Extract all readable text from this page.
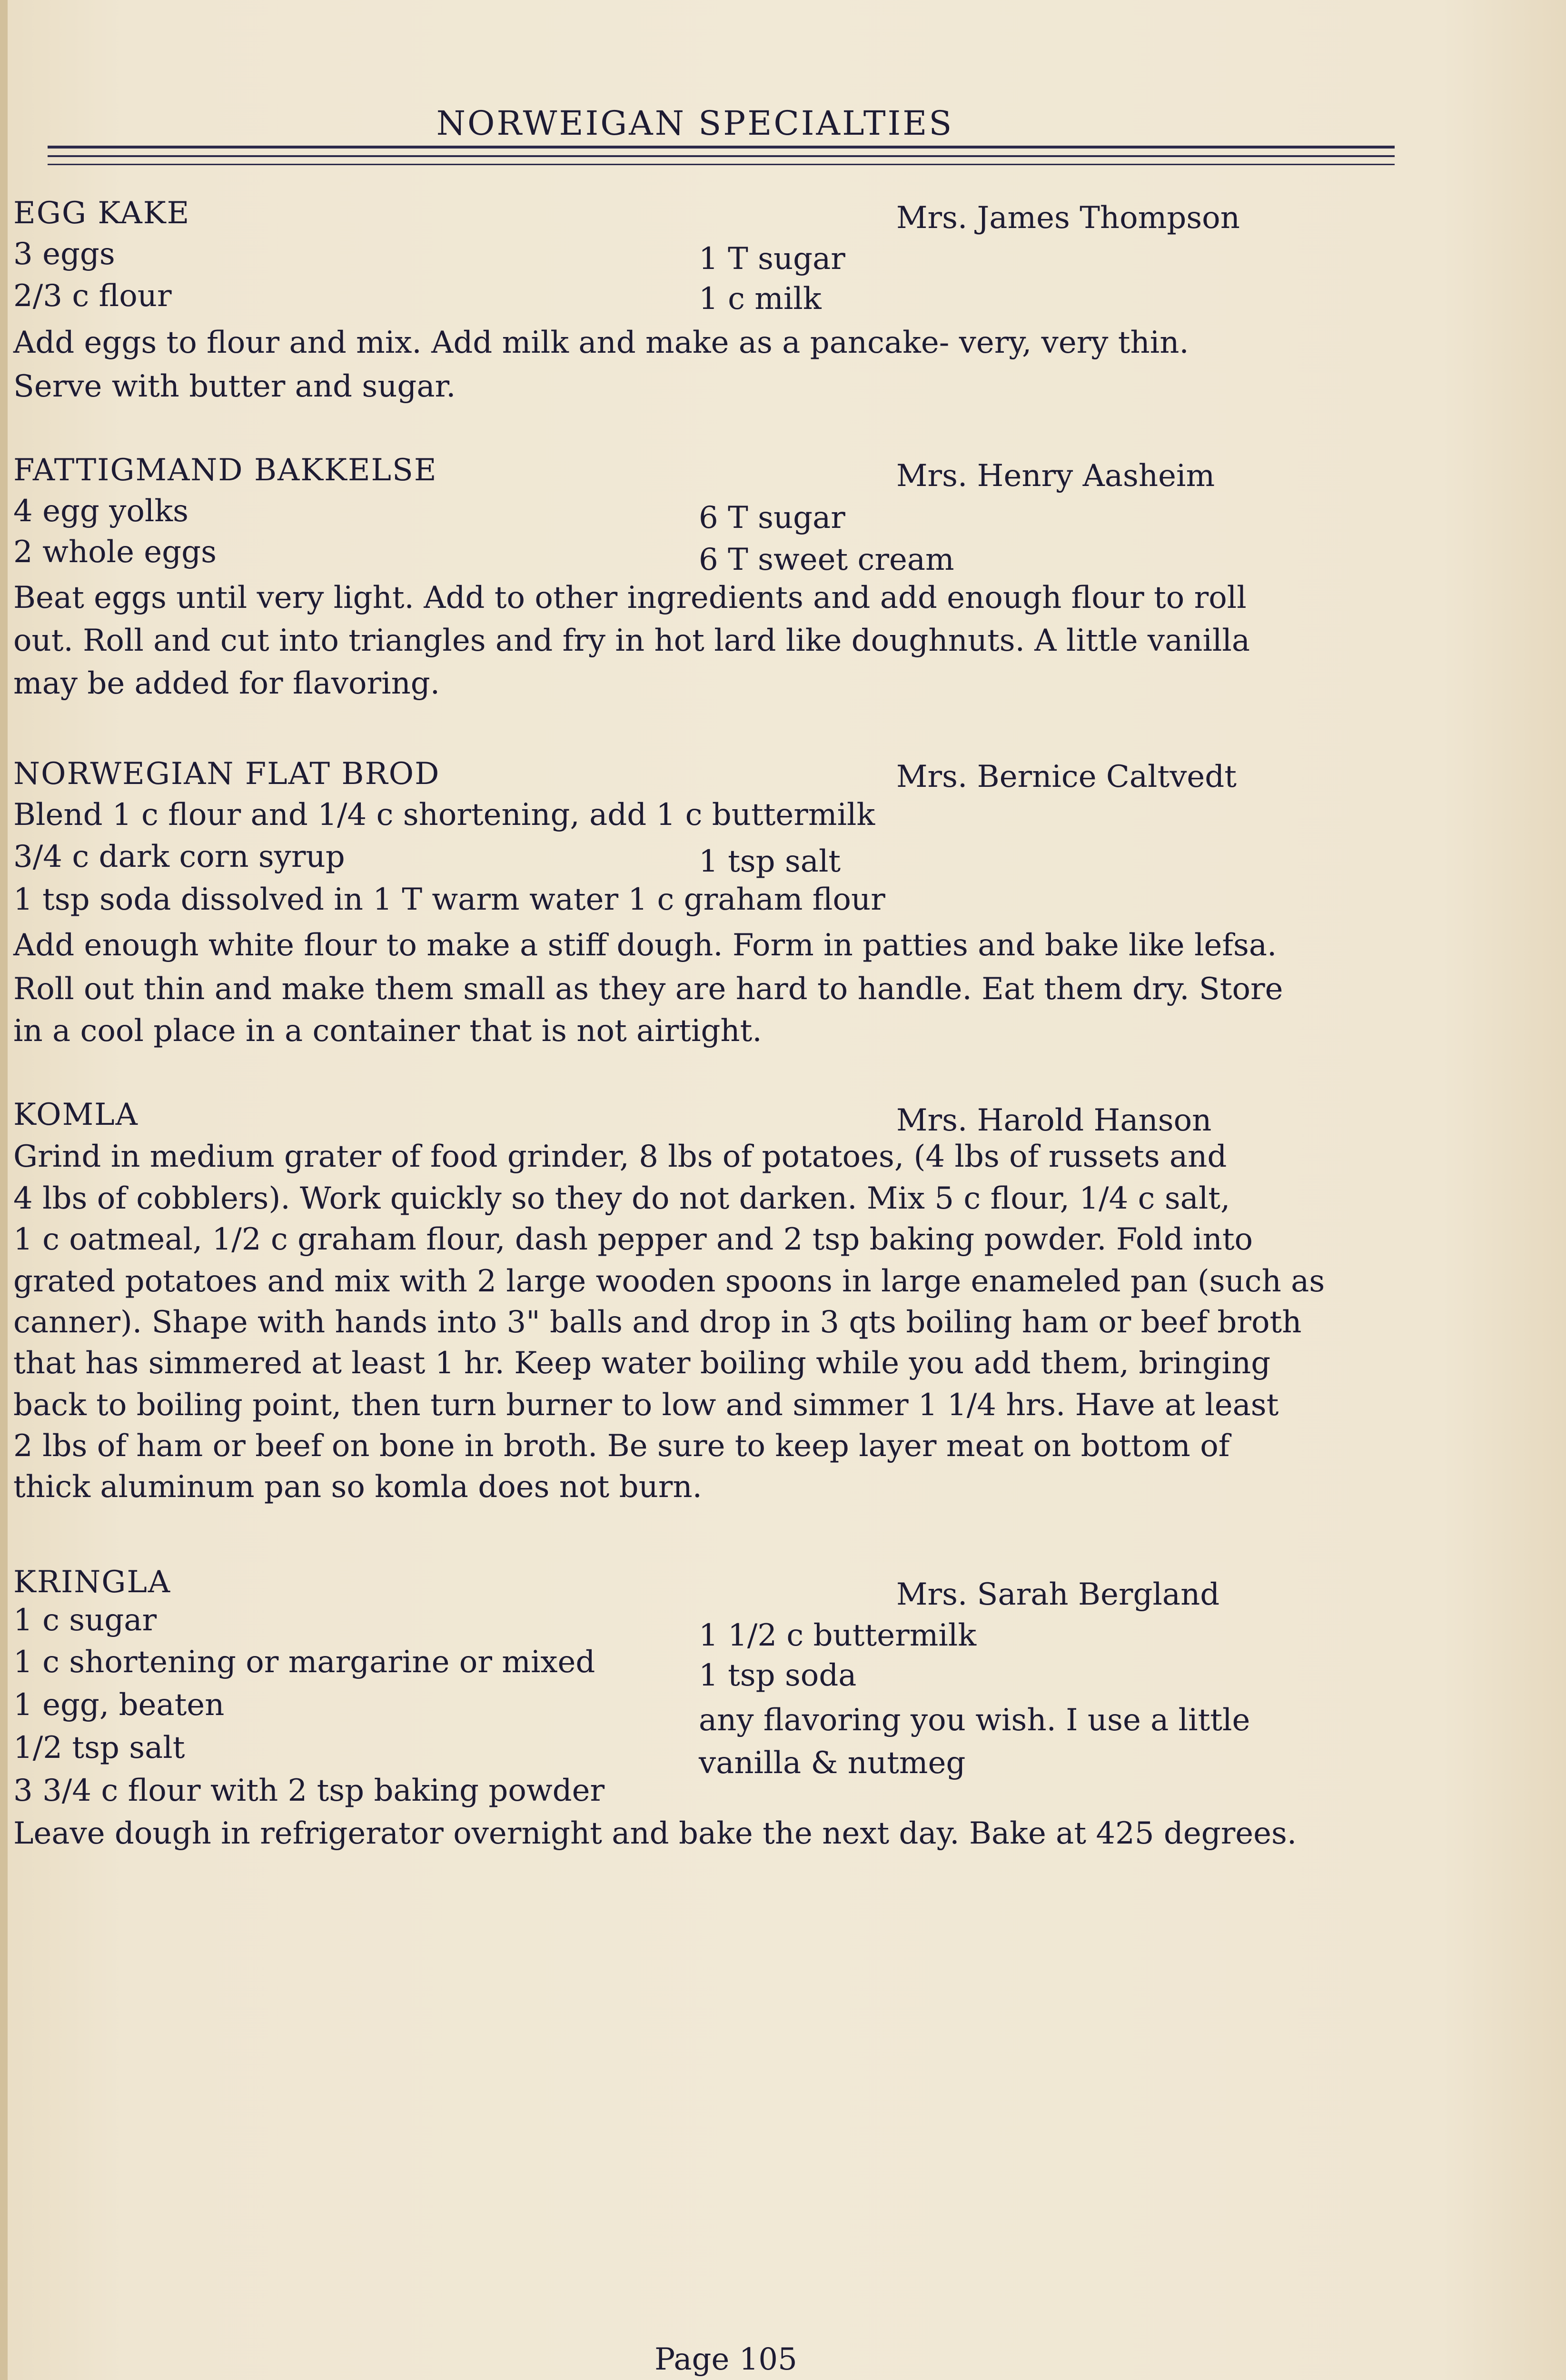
NORWEIGAN SPECIALTIES
EGG KAKE	Mrs. James Thompson
3 eggs	1 T sugar
2/3 c flour	1 c milk
Add eggs to flour and mix. Add milk and make as a pancake- very, very thin.
Serve with butter and sugar.
FATTIGMAND BAKKELSE	Mrs. Henry Aasheim
4 egg yolks	6 T sugar
2 whole eggs	6 T sweet cream
Beat eggs until very light. Add to other ingredients and add enough flour to roll
out. Roll and cut into triangles and fry in hot lard like doughnuts. A little vanilla
may be added for flavoring.
NORWEGIAN FLAT BROD	Mrs. Bernice Caltvedt
Blend 1 c flour and 1/4 c shortening, add 1 c buttermilk
3/4 c dark corn syrup	1 tsp salt
1 tsp soda dissolved in 1 T warm water 1 c graham flour
Add enough white flour to make a stiff dough. Form in patties and bake like lefsa.
Roll out thin and make them small as they are hard to handle. Eat them dry. Store
in a cool place in a container that is not airtight.
KOMLA	Mrs. Harold Hanson
Grind in medium grater of food grinder, 8 lbs of potatoes, (4 lbs of russets and
4 lbs of cobblers). Work quickly so they do not darken. Mix 5 c flour, 1/4 c salt,
1 c oatmeal, 1/2 c graham flour, dash pepper and 2 tsp baking powder. Fold into
grated potatoes and mix with 2 large wooden spoons in large enameled pan (such as
canner). Shape with hands into 3" balls and drop in 3 qts boiling ham or beef broth
that has simmered at least 1 hr. Keep water boiling while you add them, bringing
back to boiling point, then turn burner to low and simmer 1 1/4 hrs. Have at least
2 lbs of ham or beef on bone in broth. Be sure to keep layer meat on bottom of
thick aluminum pan so komla does not burn.
KRINGLA	Mrs. Sarah Bergland
1 c sugar	1 1/2 c buttermilk
1 c shortening or margarine or mixed	1 tsp soda
1 egg, beaten	any flavoring you wish. I use a little
1/2 tsp salt	vanilla & nutmeg
3 3/4 c flour with 2 tsp baking powder
Leave dough in refrigerator overnight and bake the next day. Bake at 425 degrees.
Page 105
